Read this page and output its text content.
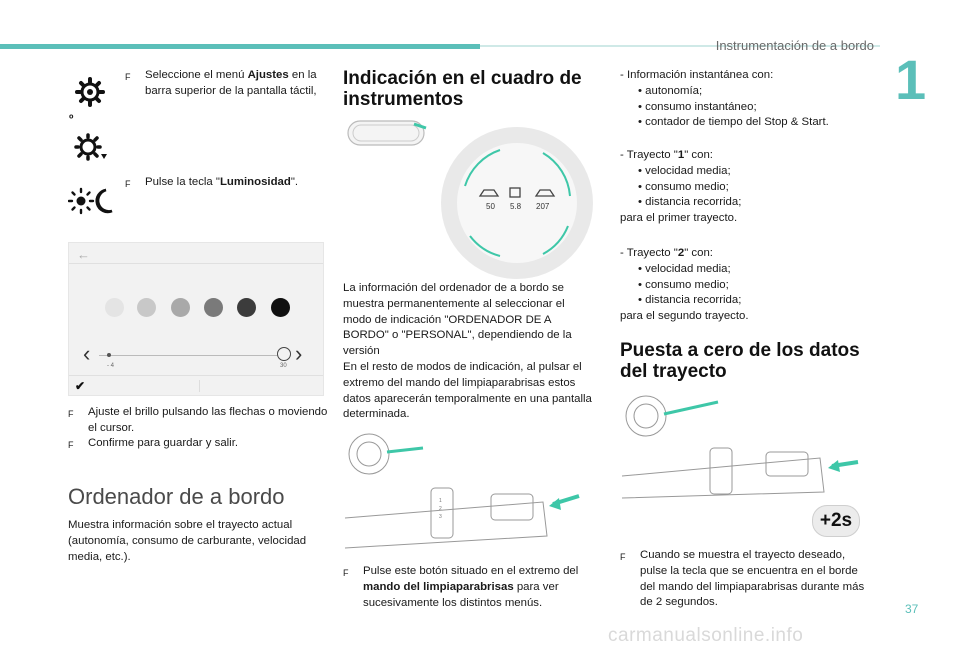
Instrumentación de a bordo
1
º
F	Seleccione el menú Ajustes en la barra superior de la pantalla táctil,
F	Pulse la tecla "Luminosidad".
←
‹	›
- 4	30
✔
F	Ajuste el brillo pulsando las flechas o moviendo el cursor.
F	Confirme para guardar y salir.
Ordenador de a bordo

Muestra información sobre el trayecto actual (autonomía, consumo de carburante, velocidad media, etc.).

Indicación en el cuadro de instrumentos
50 5.8 207

La información del ordenador de a bordo se muestra permanentemente al seleccionar el modo de indicación "ORDENADOR DE A BORDO" o "PERSONAL", dependiendo de la versión

En el resto de modos de indicación, al pulsar el extremo del mando del limpiaparabrisas estos datos aparecerán temporalmente en una pantalla determinada.

1
2
3
F	Pulse este botón situado en el extremo del mando del limpiaparabrisas para ver sucesivamente los distintos menús.

- Información instantánea con:

• autonomía;
• consumo instantáneo;
• contador de tiempo del Stop & Start.

- Trayecto "1" con:

• velocidad media;
• consumo medio;
• distancia recorrida;

para el primer trayecto.

- Trayecto "2" con:

• velocidad media;
• consumo medio;
• distancia recorrida;

para el segundo trayecto.

Puesta a cero de los datos del trayecto
+2s
F	Cuando se muestra el trayecto deseado, pulse la tecla que se encuentra en el borde del mando del limpiaparabrisas durante más de 2 segundos.	37
carmanualsonline.info
